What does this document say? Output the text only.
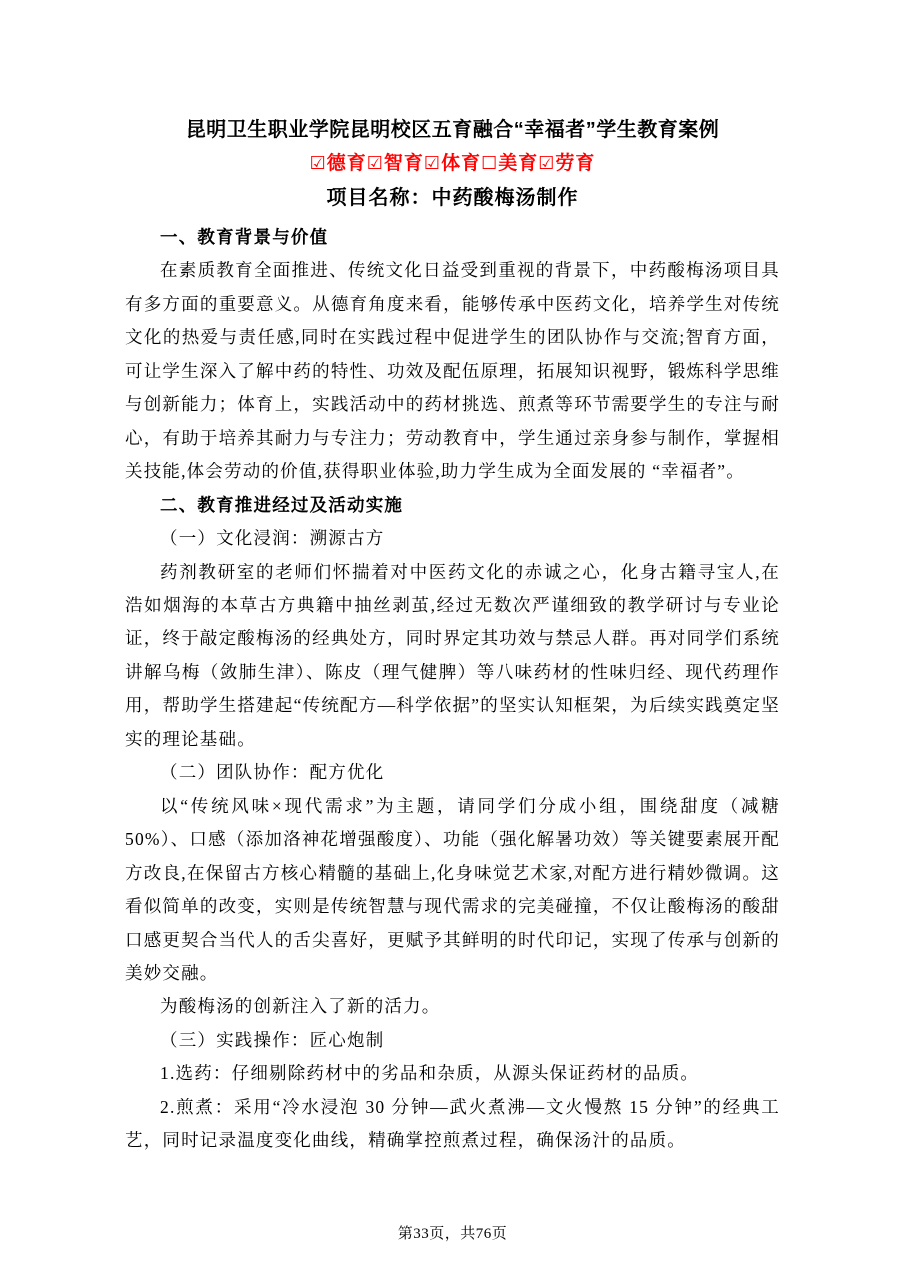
昆明卫生职业学院昆明校区五育融合“幸福者”学生教育案例
☑德育☑智育☑体育☐美育☑劳育
项目名称：中药酸梅汤制作
一、教育背景与价值

在素质教育全面推进、传统文化日益受到重视的背景下，中药酸梅汤项目具有多方面的重要意义。从德育角度来看，能够传承中医药文化，培养学生对传统文化的热爱与责任感,同时在实践过程中促进学生的团队协作与交流;智育方面，可让学生深入了解中药的特性、功效及配伍原理，拓展知识视野，锻炼科学思维与创新能力；体育上，实践活动中的药材挑选、煎煮等环节需要学生的专注与耐心，有助于培养其耐力与专注力；劳动教育中，学生通过亲身参与制作，掌握相关技能,体会劳动的价值,获得职业体验,助力学生成为全面发展的 “幸福者”。

二、教育推进经过及活动实施

（一）文化浸润：溯源古方

药剂教研室的老师们怀揣着对中医药文化的赤诚之心，化身古籍寻宝人,在浩如烟海的本草古方典籍中抽丝剥茧,经过无数次严谨细致的教学研讨与专业论证，终于敲定酸梅汤的经典处方，同时界定其功效与禁忌人群。再对同学们系统讲解乌梅（敛肺生津）、陈皮（理气健脾）等八味药材的性味归经、现代药理作用，帮助学生搭建起“传统配方—科学依据”的坚实认知框架，为后续实践奠定坚实的理论基础。

（二）团队协作：配方优化

以“传统风味×现代需求”为主题，请同学们分成小组，围绕甜度（减糖 50%）、口感（添加洛神花增强酸度）、功能（强化解暑功效）等关键要素展开配方改良,在保留古方核心精髓的基础上,化身味觉艺术家,对配方进行精妙微调。这看似简单的改变，实则是传统智慧与现代需求的完美碰撞，不仅让酸梅汤的酸甜口感更契合当代人的舌尖喜好，更赋予其鲜明的时代印记，实现了传承与创新的美妙交融。

为酸梅汤的创新注入了新的活力。

（三）实践操作：匠心炮制

1.选药：仔细剔除药材中的劣品和杂质，从源头保证药材的品质。

2.煎煮：采用“冷水浸泡 30 分钟—武火煮沸—文火慢熬 15 分钟”的经典工艺，同时记录温度变化曲线，精确掌控煎煮过程，确保汤汁的品质。

第33页，共76页
